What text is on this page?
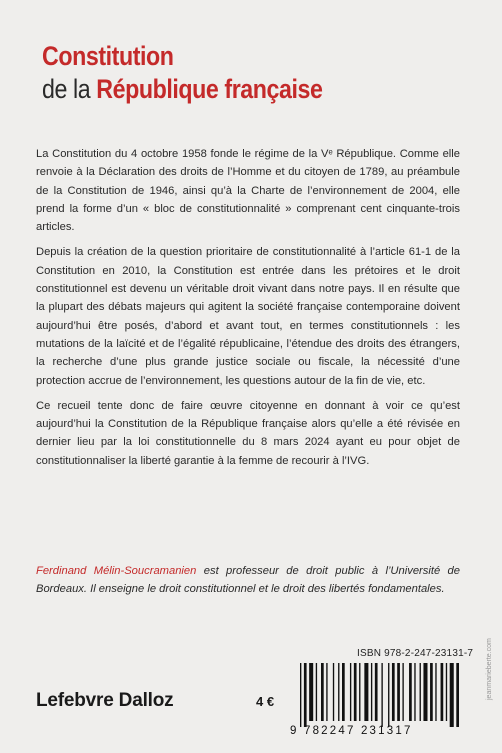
Constitution
de la République française

La Constitution du 4 octobre 1958 fonde le régime de la Vᵉ République. Comme elle renvoie à la Déclaration des droits de l’Homme et du citoyen de 1789, au préambule de la Constitution de 1946, ainsi qu’à la Charte de l’environnement de 2004, elle prend la forme d’un « bloc de constitutionnalité » comprenant cent cinquante-trois articles.

Depuis la création de la question prioritaire de constitutionnalité à l’article 61-1 de la Constitution en 2010, la Constitution est entrée dans les prétoires et le droit constitutionnel est devenu un véritable droit vivant dans notre pays. Il en résulte que la plupart des débats majeurs qui agitent la société française contemporaine doivent aujourd’hui être posés, d’abord et avant tout, en termes constitutionnels : les mutations de la laïcité et de l’égalité républicaine, l’étendue des droits des étrangers, la recherche d’une plus grande justice sociale ou fiscale, la nécessité d’une protection accrue de l’environnement, les questions autour de la fin de vie, etc.

Ce recueil tente donc de faire œuvre citoyenne en donnant à voir ce qu’est aujourd’hui la Constitution de la République française alors qu’elle a été révisée en dernier lieu par la loi constitutionnelle du 8 mars 2024 ayant eu pour objet de constitutionnaliser la liberté garantie à la femme de recourir à l’IVG.

Ferdinand Mélin-Soucramanien est professeur de droit public à l’Université de Bordeaux. Il enseigne le droit constitutionnel et le droit des libertés fondamentales.
ISBN 978-2-247-23131-7 jeanmarieberte.com
Lefebvre Dalloz	4 €
9 782247 231317
